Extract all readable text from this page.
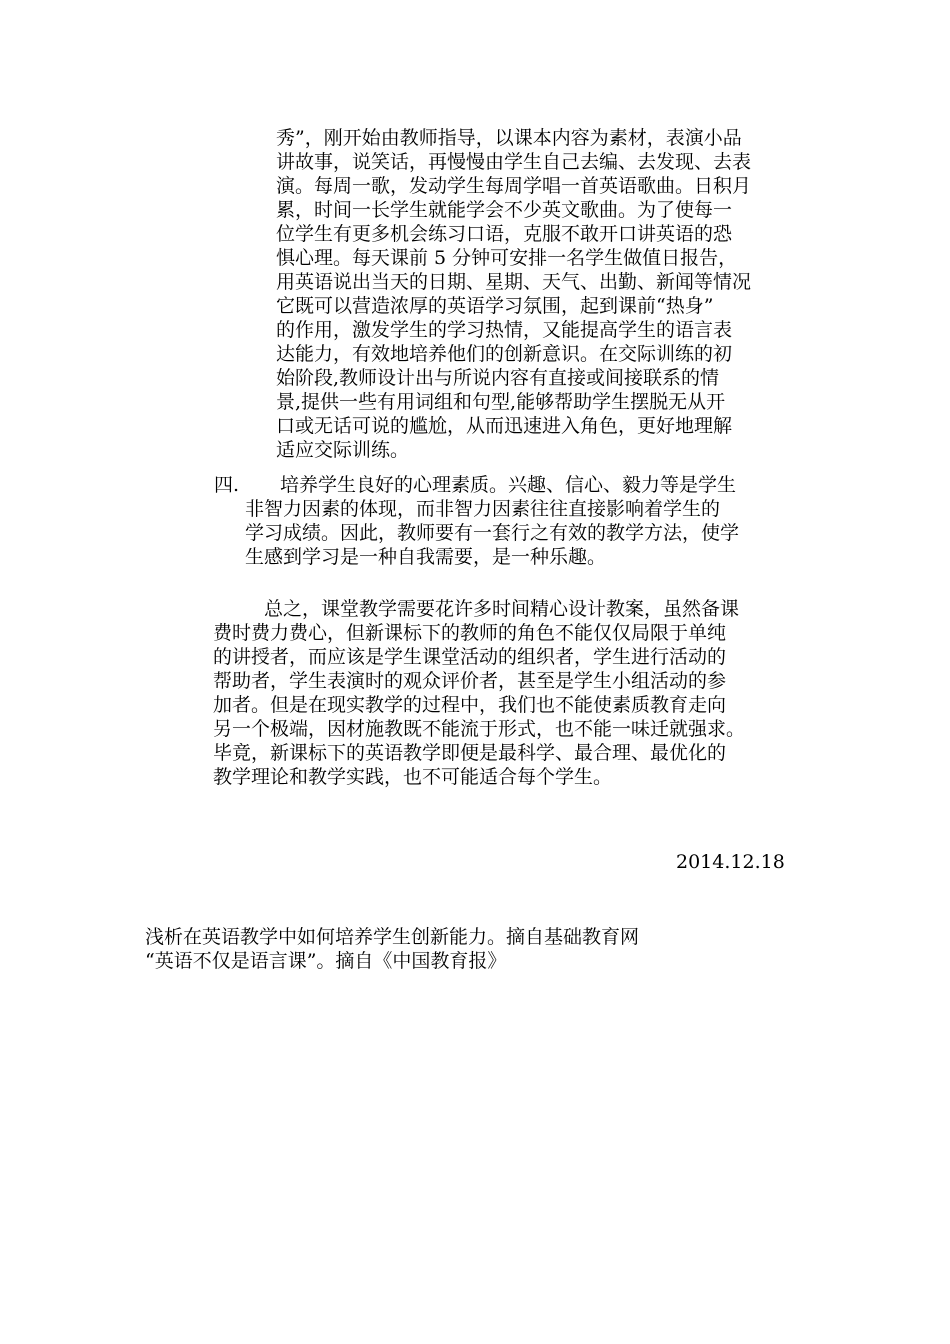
秀”，刚开始由教师指导，以课本内容为素材，表演小品
讲故事，说笑话，再慢慢由学生自己去编、去发现、去表
演。每周一歌，发动学生每周学唱一首英语歌曲。日积月
累，时间一长学生就能学会不少英文歌曲。为了使每一
位学生有更多机会练习口语，克服不敢开口讲英语的恐
惧心理。每天课前 5 分钟可安排一名学生做值日报告，
用英语说出当天的日期、星期、天气、出勤、新闻等情况
它既可以营造浓厚的英语学习氛围，起到课前“热身”
的作用，激发学生的学习热情，又能提高学生的语言表
达能力，有效地培养他们的创新意识。在交际训练的初
始阶段,教师设计出与所说内容有直接或间接联系的情
景,提供一些有用词组和句型,能够帮助学生摆脱无从开
口或无话可说的尴尬，从而迅速进入角色，更好地理解
适应交际训练。
四. 培养学生良好的心理素质。兴趣、信心、毅力等是学生
非智力因素的体现，而非智力因素往往直接影响着学生的
学习成绩。因此，教师要有一套行之有效的教学方法，使学
生感到学习是一种自我需要，是一种乐趣。
总之，课堂教学需要花许多时间精心设计教案，虽然备课
费时费力费心，但新课标下的教师的角色不能仅仅局限于单纯
的讲授者，而应该是学生课堂活动的组织者，学生进行活动的
帮助者，学生表演时的观众评价者，甚至是学生小组活动的参
加者。但是在现实教学的过程中，我们也不能使素质教育走向
另一个极端，因材施教既不能流于形式，也不能一味迁就强求。
毕竟，新课标下的英语教学即便是最科学、最合理、最优化的
教学理论和教学实践，也不可能适合每个学生。
2014.12.18
浅析在英语教学中如何培养学生创新能力。摘自基础教育网
“英语不仅是语言课”。摘自《中国教育报》
